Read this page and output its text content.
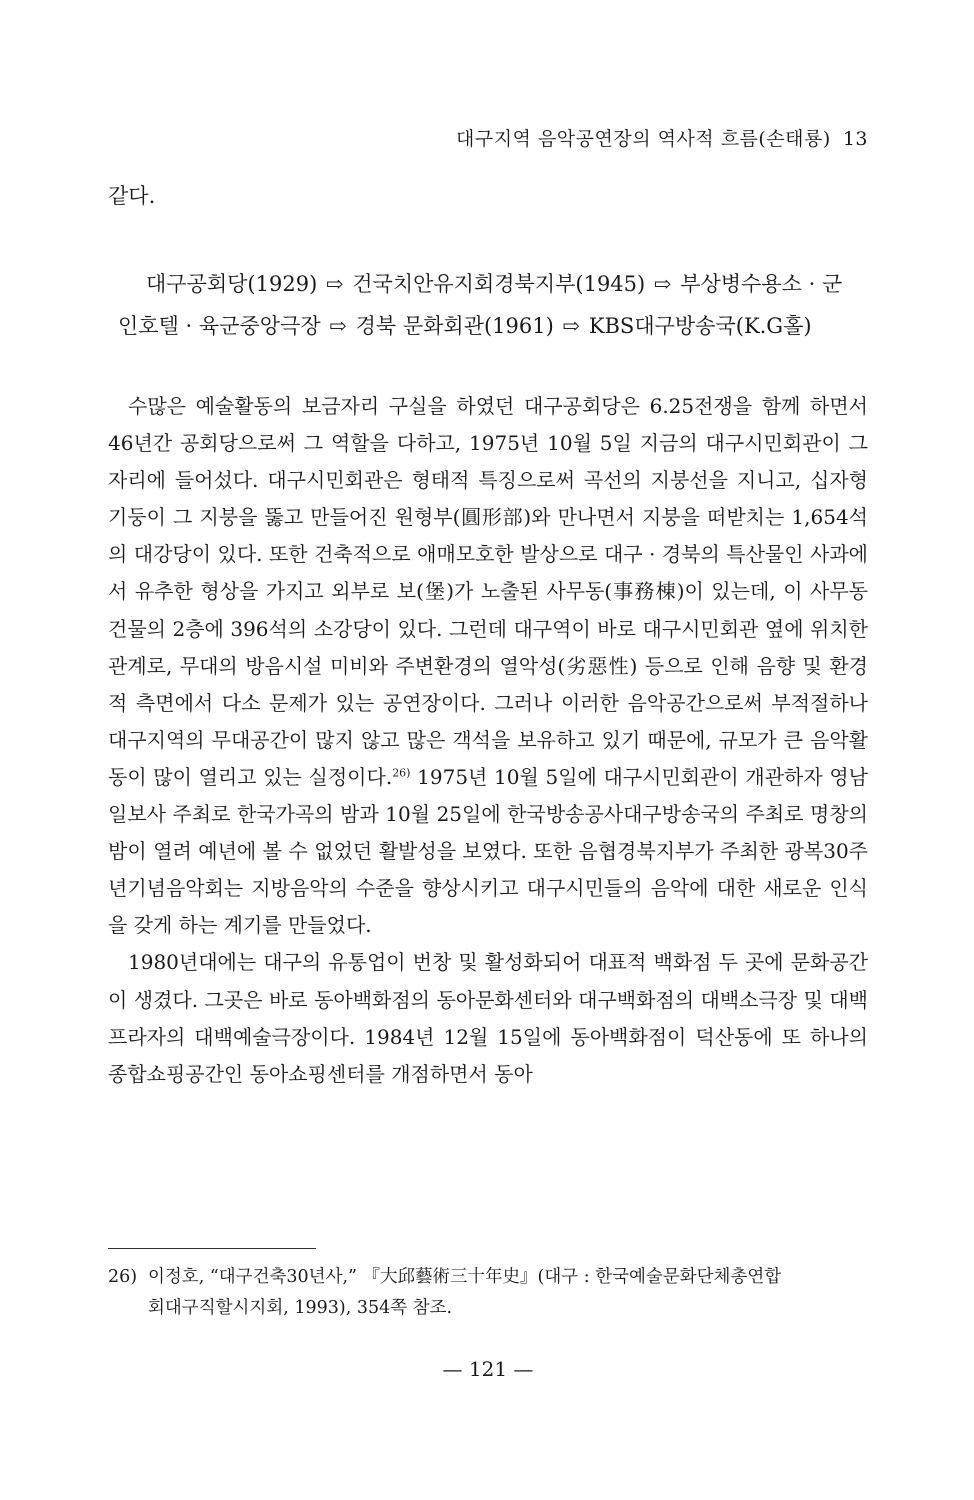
대구지역 음악공연장의 역사적 흐름(손태룡) 13
같다.
대구공회당(1929) ⇨ 건국치안유지회경북지부(1945) ⇨ 부상병수용소 · 군
인호텔 · 육군중앙극장 ⇨ 경북 문화회관(1961) ⇨ KBS대구방송국(K.G홀)

수많은 예술활동의 보금자리 구실을 하였던 대구공회당은 6.25전쟁을 함께 하면서 46년간 공회당으로써 그 역할을 다하고, 1975년 10월 5일 지금의 대구시민회관이 그 자리에 들어섰다. 대구시민회관은 형태적 특징으로써 곡선의 지붕선을 지니고, 십자형 기둥이 그 지붕을 뚫고 만들어진 원형부(圓形部)와 만나면서 지붕을 떠받치는 1,654석의 대강당이 있다. 또한 건축적으로 애매모호한 발상으로 대구 · 경북의 특산물인 사과에서 유추한 형상을 가지고 외부로 보(堡)가 노출된 사무동(事務棟)이 있는데, 이 사무동 건물의 2층에 396석의 소강당이 있다. 그런데 대구역이 바로 대구시민회관 옆에 위치한 관계로, 무대의 방음시설 미비와 주변환경의 열악성(劣惡性) 등으로 인해 음향 및 환경적 측면에서 다소 문제가 있는 공연장이다. 그러나 이러한 음악공간으로써 부적절하나 대구지역의 무대공간이 많지 않고 많은 객석을 보유하고 있기 때문에, 규모가 큰 음악활동이 많이 열리고 있는 실정이다.$^{26)}$ 1975년 10월 5일에 대구시민회관이 개관하자 영남일보사 주최로 한국가곡의 밤과 10월 25일에 한국방송공사대구방송국의 주최로 명창의 밤이 열려 예년에 볼 수 없었던 활발성을 보였다. 또한 음협경북지부가 주최한 광복30주년기념음악회는 지방음악의 수준을 향상시키고 대구시민들의 음악에 대한 새로운 인식을 갖게 하는 계기를 만들었다.

1980년대에는 대구의 유통업이 번창 및 활성화되어 대표적 백화점 두 곳에 문화공간이 생겼다. 그곳은 바로 동아백화점의 동아문화센터와 대구백화점의 대백소극장 및 대백프라자의 대백예술극장이다. 1984년 12월 15일에 동아백화점이 덕산동에 또 하나의 종합쇼핑공간인 동아쇼핑센터를 개점하면서 동아

26) 이정호, “대구건축30년사,” 『大邱藝術三十年史』(대구 : 한국예술문화단체총연합
회대구직할시지회, 1993), 354쪽 참조.
— 121 —
